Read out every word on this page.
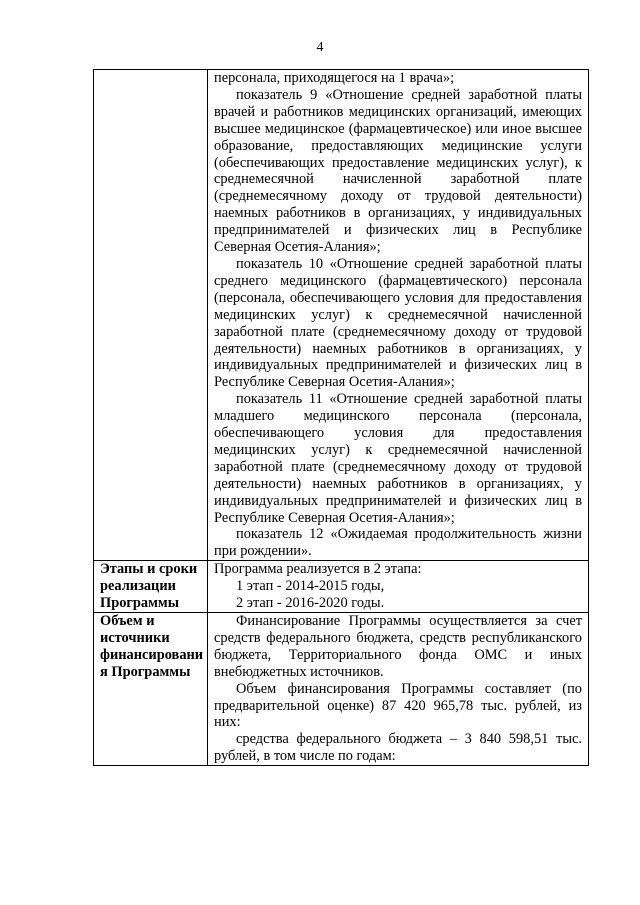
4

	персонала, приходящегося на 1 врача»;

показатель 9 «Отношение средней заработной платы врачей и работников медицинских организаций, имеющих высшее медицинское (фармацевтическое) или иное высшее образование, предоставляющих медицинские услуги (обеспечивающих предоставление медицинских услуг), к среднемесячной начисленной заработной плате (среднемесячному доходу от трудовой деятельности) наемных работников в организациях, у индивидуальных предпринимателей и физических лиц в Республике Северная Осетия-Алания»;

показатель 10 «Отношение средней заработной платы среднего медицинского (фармацевтического) персонала (персонала, обеспечивающего условия для предоставления медицинских услуг) к среднемесячной начисленной заработной плате (среднемесячному доходу от трудовой деятельности) наемных работников в организациях, у индивидуальных предпринимателей и физических лиц в Республике Северная Осетия-Алания»;

показатель 11 «Отношение средней заработной платы младшего медицинского персонала (персонала, обеспечивающего условия для предоставления медицинских услуг) к среднемесячной начисленной заработной плате (среднемесячному доходу от трудовой деятельности) наемных работников в организациях, у индивидуальных предпринимателей и физических лиц в Республике Северная Осетия-Алания»;

показатель 12 «Ожидаемая продолжительность жизни при рождении».

Этапы и сроки реализации Программы	Программа реализуется в 2 этапа:

1 этап - 2014-2015 годы,

2 этап - 2016-2020 годы.

Объем и источники финансировани я Программы	Финансирование Программы осуществляется за счет средств федерального бюджета, средств республиканского бюджета, Территориального фонда ОМС и иных внебюджетных источников.

Объем финансирования Программы составляет (по предварительной оценке) 87 420 965,78 тыс. рублей, из них:

средства федерального бюджета – 3 840 598,51 тыс. рублей, в том числе по годам:
